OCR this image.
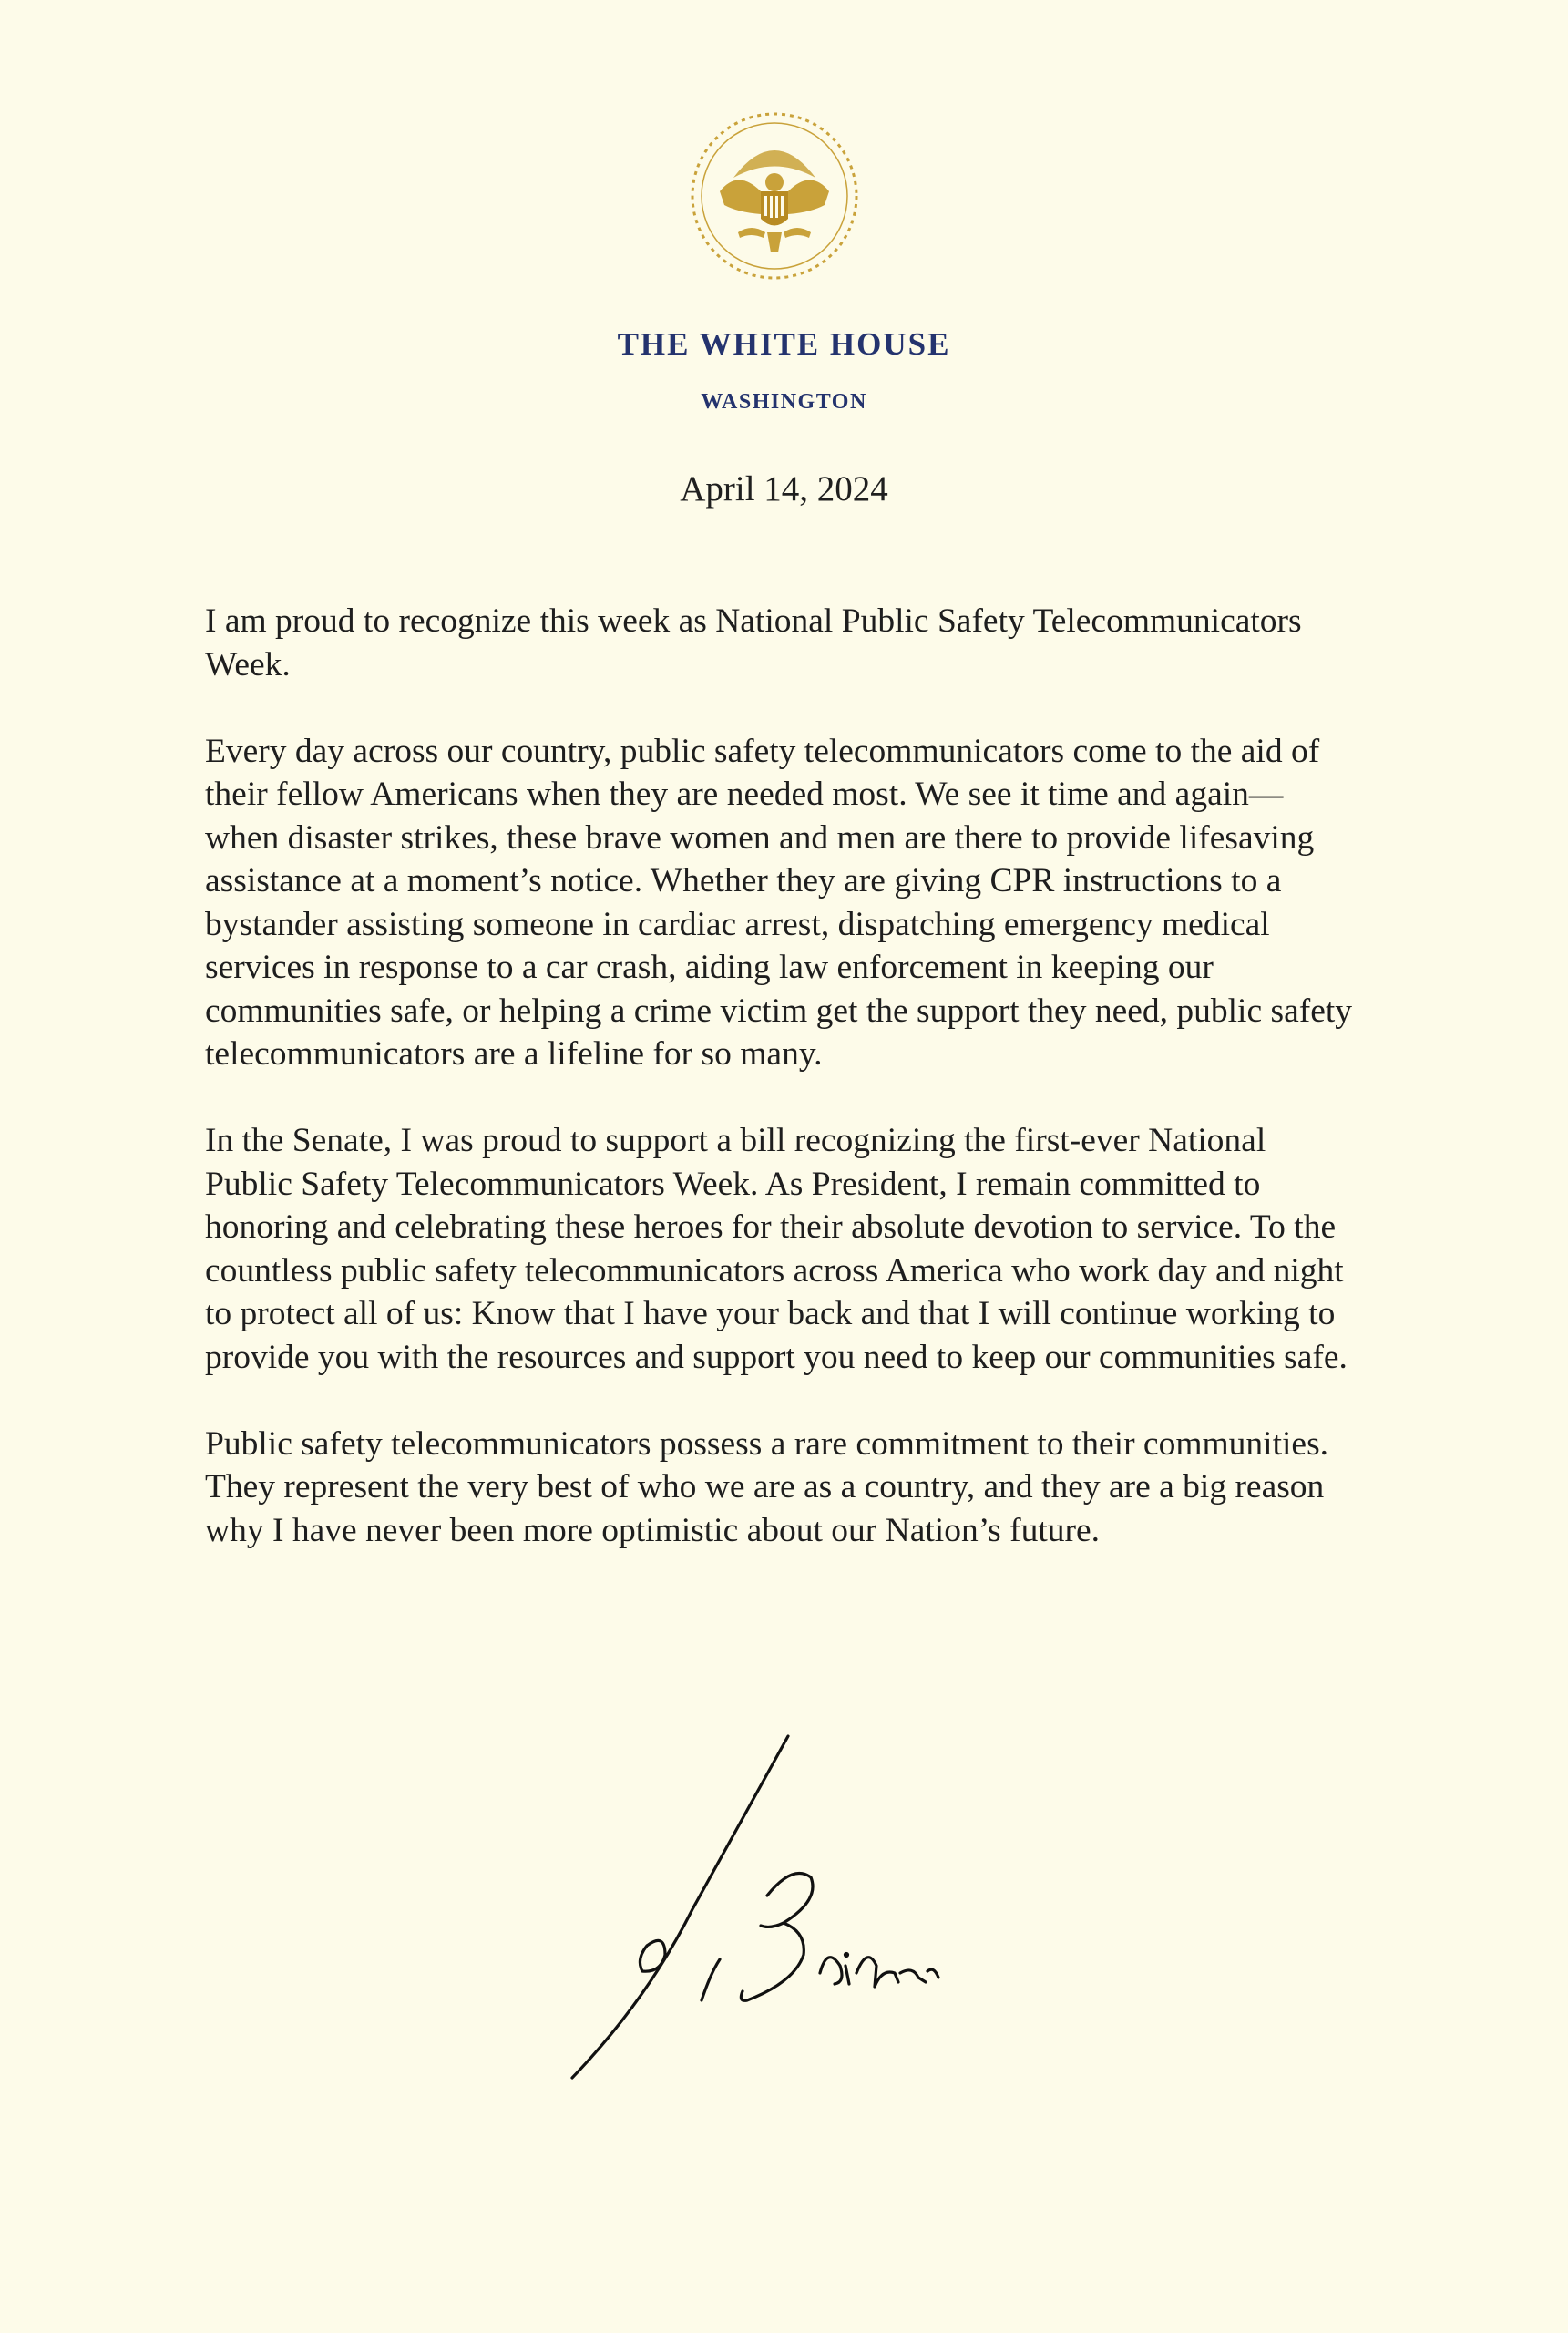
THE WHITE HOUSE
WASHINGTON
April 14, 2024

I am proud to recognize this week as National Public Safety Telecommunicators Week.

Every day across our country, public safety telecommunicators come to the aid of their fellow Americans when they are needed most. We see it time and again—when disaster strikes, these brave women and men are there to provide lifesaving assistance at a moment’s notice. Whether they are giving CPR instructions to a bystander assisting someone in cardiac arrest, dispatching emergency medical services in response to a car crash, aiding law enforcement in keeping our communities safe, or helping a crime victim get the support they need, public safety telecommunicators are a lifeline for so many.

In the Senate, I was proud to support a bill recognizing the first-ever National Public Safety Telecommunicators Week. As President, I remain committed to honoring and celebrating these heroes for their absolute devotion to service. To the countless public safety telecommunicators across America who work day and night to protect all of us: Know that I have your back and that I will continue working to provide you with the resources and support you need to keep our communities safe.

Public safety telecommunicators possess a rare commitment to their communities. They represent the very best of who we are as a country, and they are a big reason why I have never been more optimistic about our Nation’s future.
